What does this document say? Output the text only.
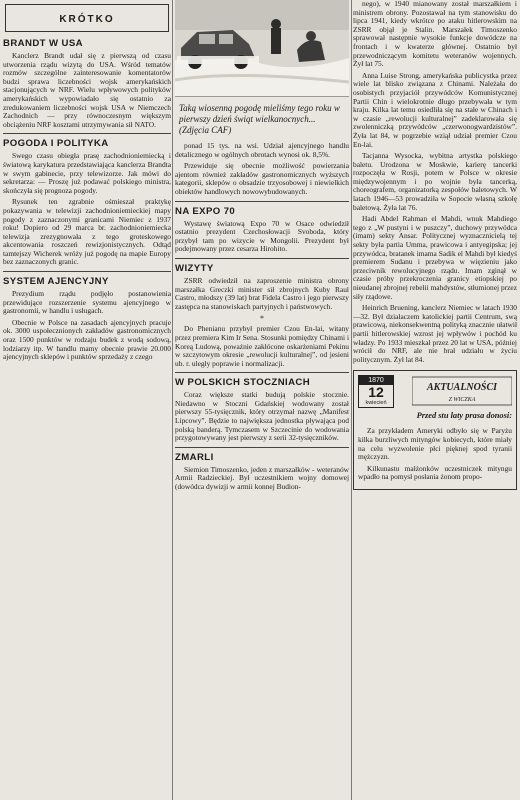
KRÓTKO
BRANDT W USA

Kanclerz Brandt udał się z pierwszą od czasu utworzenia rządu wizytą do USA. Wśród tematów rozmów szczególne zainteresowanie komentatorów budzi sprawa liczebności wojsk amerykańskich stacjonujących w NRF. Wielu wpływowych polityków amerykańskich wypowiadało się ostatnio za zredukowaniem liczebności wojsk USA w Niemczech Zachodnich — przy równoczesnym większym obciążeniu NRF kosztami utrzymywania sił NATO.

POGODA I POLITYKA

Swego czasu obiegła prasę zachodnioniemiecką i światową karykatura przedstawiająca kanclerza Brandta w swym gabinecie, przy telewizorze. Jak mówi do sekretarza: — Proszę już podawać polskiego ministra, skończyła się prognoza pogody.

Rysunek ten zgrabnie ośmieszał praktykę pokazywania w telewizji zachodnioniemieckiej mapy pogody z zaznaczonymi granicami Niemiec z 1937 roku! Dopiero od 29 marca br. zachodnioniemiecka telewizja zrezygnowała z tego groteskowego akcentowania roszczeń rewizjonistycznych. Odtąd tamtejszy Wicherek wróży już pogodę na mapie Europy bez zaznaczonych granic.

SYSTEM AJENCYJNY

Prezydium rządu podjęło postanowienia przewidujące rozszerzenie systemu ajencyjnego w gastronomii, w handlu i usługach.

Obecnie w Polsce na zasadach ajencyjnych pracuje ok. 3000 uspołecznionych zakładów gastronomicznych oraz 1500 punktów w rodzaju budek z wodą sodową, lodziarzy itp. W handlu mamy obecnie prawie 20.000 ajencyjnych sklepów i punktów sprzedaży z czego

Taką wiosenną pogodę mieliśmy tego roku w pierwszy dzień świąt wielkanocnych... (Zdjęcia CAF)

ponad 15 tys. na wsi. Udział ajencyjnego handlu detalicznego w ogólnych obrotach wynosi ok. 8,5%.

Przewiduje się obecnie możliwość powierzania ajentom również zakładów gastronomicznych wyższych kategorii, sklepów o obsadzie trzyosobowej i niewielkich obiektów handlowych nowowybudowanych.

NA EXPO 70

Wystawę światową Expo 70 w Osace odwiedził ostatnio prezydent Czechosłowacji Svoboda, który przybył tam po wizycie w Mongolii. Prezydent był podejmowany przez cesarza Hirohito.

WIZYTY

ZSRR odwiedził na zaproszenie ministra obrony marszałka Greczki minister sił zbrojnych Kuby Raul Castro, młodszy (39 lat) brat Fidela Castro i jego pierwszy zastępca na stanowiskach partyjnych i państwowych.

*

Do Phenianu przybył premier Czou En-lai, witany przez premiera Kim Ir Sena. Stosunki pomiędzy Chinami i Koreą Ludową, poważnie zakłócone oskarżeniami Pekinu w szczytowym okresie „rewolucji kulturalnej”, od jesieni ub. r. uległy poprawie i normalizacji.

W POLSKICH STOCZNIACH

Coraz większe statki budują polskie stocznie. Niedawno w Stoczni Gdańskiej wodowany został pierwszy 55-tysięcznik, który otrzymał nazwę „Manifest Lipcowy”. Będzie to największa jednostka pływająca pod polską banderą. Tymczasem w Szczecinie do wodowania przygotowywany jest pierwszy z serii 32-tysięczników.

ZMARLI

Siemion Timoszenko, jeden z marszałków - weteranów Armii Radzieckiej. Był uczestnikiem wojny domowej (dowódca dywizji w armii konnej Budion-

nego), w 1940 mianowany został marszałkiem i ministrem obrony. Pozostawał na tym stanowisku do lipca 1941, kiedy wkrótce po ataku hitlerowskim na ZSRR objął je Stalin. Marszałek Timoszenko sprawował następnie wysokie funkcje dowódcze na frontach i w kwaterze głównej. Ostatnio był przewodniczącym komitetu weteranów wojennych. Żył lat 75.

Anna Luise Strong, amerykańska publicystka przez wiele lat blisko związana z Chinami. Należała do osobistych przyjaciół przywódców Komunistycznej Partii Chin i wielokrotnie długo przebywała w tym kraju. Kilka lat temu osiedliła się na stałe w Chinach i w czasie „rewolucji kulturalnej” zadeklarowała się zwolenniczką przywódców „czerwonogwardzistów”. Żyła lat 84, w pogrzebie wziął udział premier Czou En-lai.

Tacjanna Wysocka, wybitna artystka polskiego baletu. Urodzona w Moskwie, karierę tancerki rozpoczęła w Rosji, potem w Polsce w okresie międzywojennym i po wojnie była tancerką, choreografem, organizatorką zespołów baletowych. W latach 1946—53 prowadziła w Sopocie własną szkołę baletową. Żyła lat 76.

Hadi Abdel Rahman el Mahdi, wnuk Mahdiego tego z „W pustyni i w puszczy”, duchowy przywódca (imam) sekty Ansar. Politycznej wyznacznicielą tej sekty była partia Umma, prawicowa i antyegipska; jej przywódca, bratanek imama Sadik el Mahdi był kiedyś premierem Sudanu i przebywa w więzieniu jako przeciwnik rewolucyjnego rządu. Imam zginął w czasie próby przekroczenia granicy etiopskiej po nieudanej zbrojnej rebelii mahdystów, stłumionej przez siły rządowe.

Heinrich Bruening, kanclerz Niemiec w latach 1930—32. Był działaczem katolickiej partii Centrum, swą prawicową, niekonsekwentną polityką znacznie ułatwił partii hitlerowskiej wzrost jej wpływów i pochód ku władzy. Po 1933 mieszkał przez 20 lat w USA, później wrócił do NRF, ale nie brał udziału w życiu politycznym. Żył lat 84.

1870
12
kwiecień
AKTUALNOŚCI
Z WICZKA
Przed stu laty prasa donosi:

Za przykładem Ameryki odbyło się w Paryżu kilka burzliwych mityngów kobiecych, które miały na celu wyzwolenie płci pięknej spod tyranii mężczyzn.

Kilkunastu małżonków uczestniczek mityngu wpadło na pomysł posłania żonom propo-
